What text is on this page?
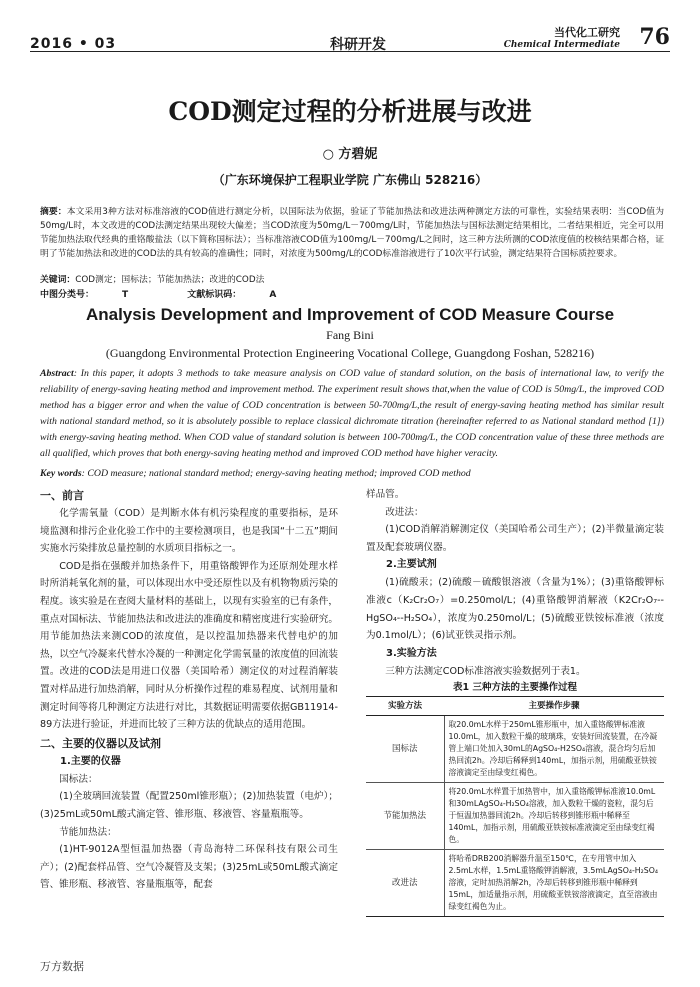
2016 • 03	科研开发
当代化工研究
Chemical Intermediate 76
COD测定过程的分析进展与改进
○ 方碧妮
（广东环境保护工程职业学院 广东佛山 528216）
摘要：本文采用3种方法对标准溶液的COD值进行测定分析，以国际法为依据，验证了节能加热法和改进法两种测定方法的可靠性，实验结果表明：当COD值为50mg/L时，本文改进的COD法测定结果出现较大偏差；当COD浓度为50mg/L－700mg/L时，节能加热法与国标法测定结果相比，二者结果相近，完全可以用节能加热法取代经典的重铬酸盐法（以下简称国标法）；当标准溶液COD值为100mg/L－700mg/L之间时，这三种方法所测的COD浓度值的校核结果都合格，证明了节能加热法和改进的COD法的具有较高的准确性；同时，对浓度为500mg/L的COD标准溶液进行了10次平行试验，测定结果符合国标质控要求。
关键词：COD测定；国标法；节能加热法；改进的COD法
中图分类号：	T	文献标识码：	A
Analysis Development and Improvement of COD Measure Course
Fang Bini
(Guangdong Environmental Protection Engineering Vocational College, Guangdong Foshan, 528216)
Abstract: In this paper, it adopts 3 methods to take measure analysis on COD value of standard solution, on the basis of international law, to verify the reliability of energy-saving heating method and improvement method. The experiment result shows that,when the value of COD is 50mg/L, the improved COD method has a bigger error and when the value of COD concentration is between 50-700mg/L,the result of energy-saving heating method has similar result with national standard method, so it is absolutely possible to replace classical dichromate titration (hereinafter referred to as National standard method [1]) with energy-saving heating method. When COD value of standard solution is between 100-700mg/L, the COD concentration value of these three methods are all qualified, which proves that both energy-saving heating method and improved COD method have higher veracity.
Key words: COD measure; national standard method; energy-saving heating method; improved COD method
一、前言
化学需氧量（COD）是判断水体有机污染程度的重要指标，是环境监测和排污企业化验工作中的主要检测项目，也是我国“十二五”期间实施水污染排放总量控制的水质项目指标之一。
COD是指在强酸并加热条件下，用重铬酸钾作为还原剂处理水样时所消耗氧化剂的量，可以体现出水中受还原性以及有机物物质污染的程度。该实验是在查阅大量材料的基础上，以现有实验室的已有条件，重点对国标法、节能加热法和改进法的准确度和精密度进行实验研究。用节能加热法来测COD的浓度值，是以控温加热器来代替电炉的加热，以空气冷凝来代替水冷凝的一种测定化学需氧量的浓度值的回流装置。改进的COD法是用进口仪器（美国哈希）测定仪的对过程消解装置对样品进行加热消解，同时从分析操作过程的难易程度、试剂用量和测定时间等将几种测定方法进行对比，其数据证明需要依据GB11914-89方法进行验证，并进而比较了三种方法的优缺点的适用范围。
二、主要的仪器以及试剂
1.主要的仪器
国标法：
(1)全玻璃回流装置（配置250ml锥形瓶）；(2)加热装置（电炉）；(3)25mL或50mL酸式滴定管、锥形瓶、移液管、容量瓶瓶等。
节能加热法：
(1)HT-9012A型恒温加热器（青岛海特二环保科技有限公司生产）；(2)配套样品管、空气冷凝管及支架；(3)25mL或50mL酸式滴定管、锥形瓶、移液管、容量瓶瓶等，配套
样品管。
改进法：
(1)COD消解消解测定仪（美国哈希公司生产）；(2)半微量滴定装置及配套玻璃仪器。
2.主要试剂
(1)硫酸汞；(2)硫酸－硫酸银溶液（含量为1%）；(3)重铬酸钾标准液c（K₂Cr₂O₇）=0.250mol/L；(4)重铬酸钾消解液（K2Cr₂O₇--HgSO₄--H₂SO₄），浓度为0.250mol/L；(5)硫酸亚铁铵标准液（浓度为0.1mol/L）；(6)试亚铁灵指示剂。
3.实验方法
三种方法测定COD标准溶液实验数据列于表1。
表1 三种方法的主要操作过程
实验方法	主要操作步骤
国标法	取20.0mL水样于250mL锥形瓶中，加入重铬酸钾标准液10.0mL，加入数粒干燥的玻璃珠，安装好回流装置，在冷凝管上端口处加入30mL的AgSO₄-H2SO₄溶液，混合均匀后加热回流2h。冷却后稀释到140mL，加指示剂，用硫酸亚铁铵溶液滴定至由绿变红褐色。
节能加热法	将20.0mL水样置于加热管中，加入重铬酸钾标准液10.0mL和30mLAgSO₄-H₂SO₄溶液，加入数粒干燥的瓷粒，混匀后于恒温加热器回流2h。冷却后转移到锥形瓶中稀释至140mL，加指示剂，用硫酸亚铁铵标准液滴定至由绿变红褐色。
改进法	将哈希DRB200消解器升温至150℃，在专用管中加入2.5mL水样，1.5mL重铬酸钾消解液，3.5mLAgSO₄-H₂SO₄溶液，定时加热消解2h，冷却后转移到锥形瓶中稀释到15mL，加适量指示剂，用硫酸亚铁铵溶液滴定，直至溶液由绿变红褐色为止。
万方数据
